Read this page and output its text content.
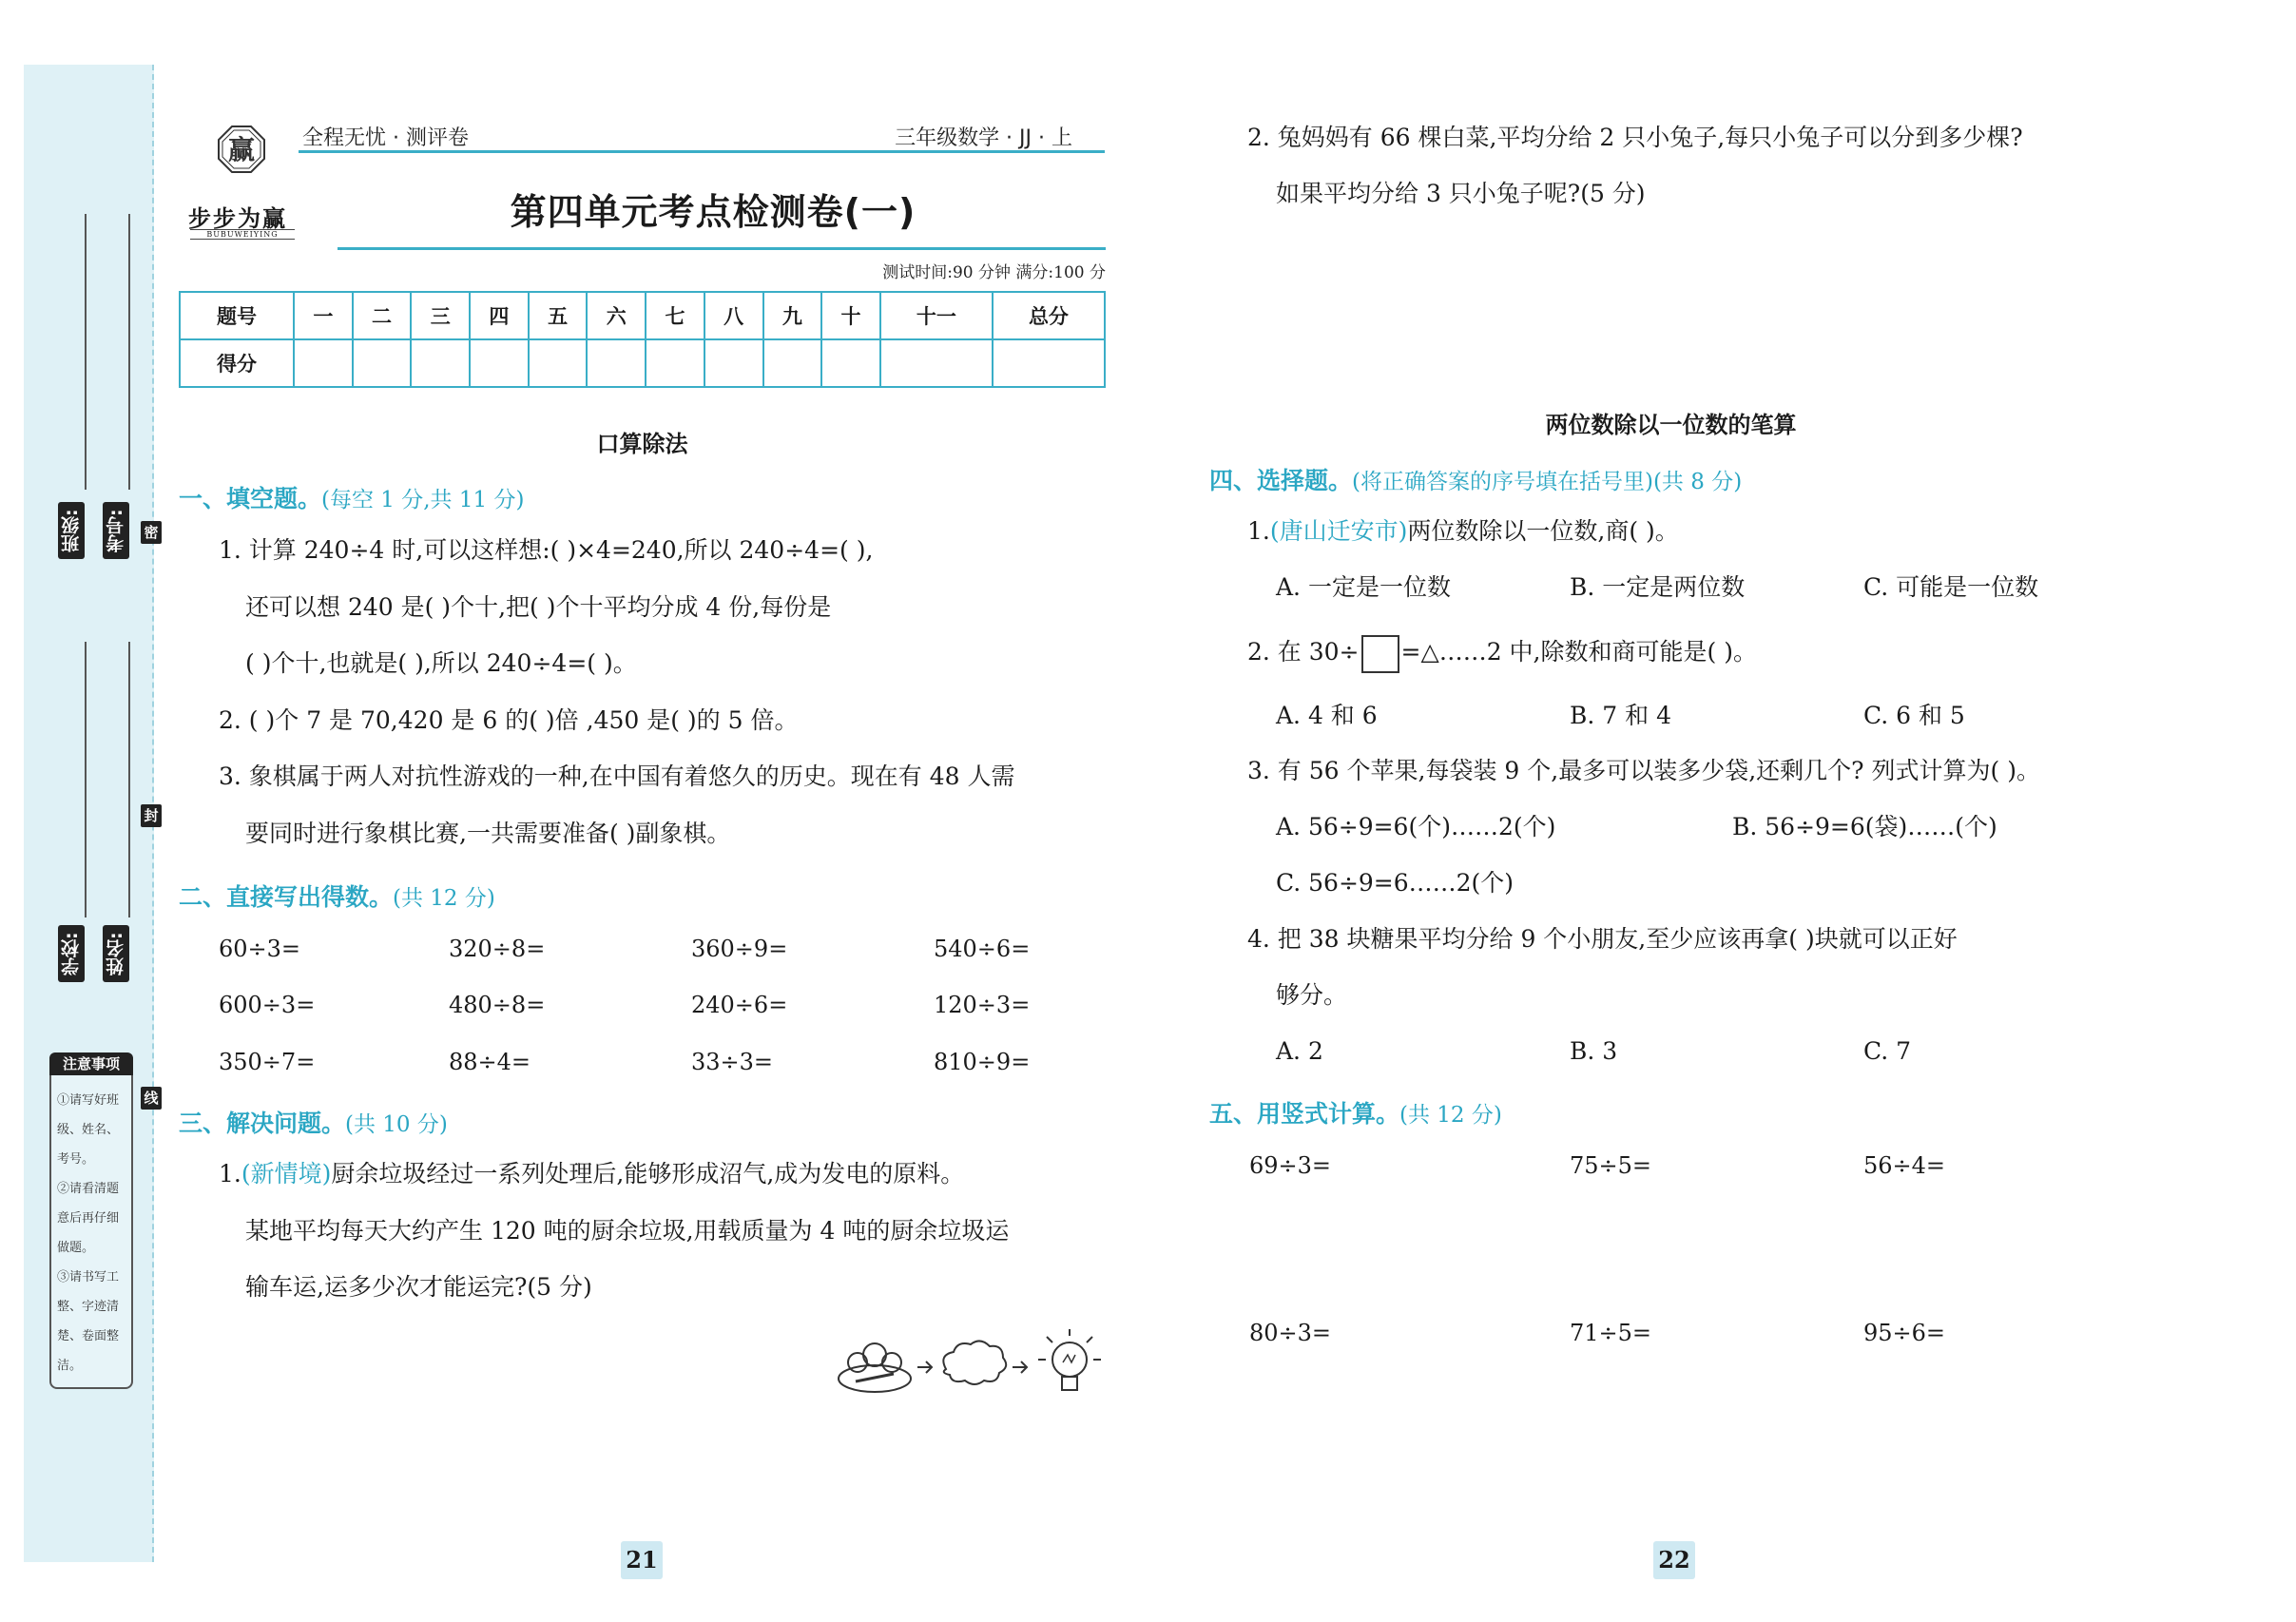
班级: 考号:
学校: 姓名:
密
封
线
注意事项
①请写好班
级、姓名、
考号。
②请看清题
意后再仔细
做题。
③请书写工
整、字迹清
楚、卷面整
洁。
赢
步步为赢
BUBUWEIYING
全程无忧 · 测评卷	三年级数学 · JJ · 上
第四单元考点检测卷(一)
测试时间:90 分钟 满分:100 分
题号	一	二	三	四	五	六	七	八	九	十	十一	总分
得分												
口算除法
一、填空题。(每空 1 分,共 11 分)
1. 计算 240÷4 时,可以这样想:( )×4=240,所以 240÷4=( ),
还可以想 240 是( )个十,把( )个十平均分成 4 份,每份是
( )个十,也就是( ),所以 240÷4=( )。
2. ( )个 7 是 70,420 是 6 的( )倍 ,450 是( )的 5 倍。
3. 象棋属于两人对抗性游戏的一种,在中国有着悠久的历史。现在有 48 人需
要同时进行象棋比赛,一共需要准备( )副象棋。
二、直接写出得数。(共 12 分)
60÷3=	320÷8=	360÷9=	540÷6=
600÷3=	480÷8=	240÷6=	120÷3=
350÷7=	88÷4=	33÷3=	810÷9=
三、解决问题。(共 10 分)
1.(新情境)厨余垃圾经过一系列处理后,能够形成沼气,成为发电的原料。
某地平均每天大约产生 120 吨的厨余垃圾,用载质量为 4 吨的厨余垃圾运
输车运,运多少次才能运完?(5 分)
21
2. 兔妈妈有 66 棵白菜,平均分给 2 只小兔子,每只小兔子可以分到多少棵?
如果平均分给 3 只小兔子呢?(5 分)
两位数除以一位数的笔算
四、选择题。(将正确答案的序号填在括号里)(共 8 分)
1.(唐山迁安市)两位数除以一位数,商( )。
A. 一定是一位数	B. 一定是两位数	C. 可能是一位数
2. 在 30÷ =△……2 中,除数和商可能是( )。
A. 4 和 6	B. 7 和 4	C. 6 和 5
3. 有 56 个苹果,每袋装 9 个,最多可以装多少袋,还剩几个? 列式计算为( )。
A. 56÷9=6(个)……2(个)	B. 56÷9=6(袋)……(个)
C. 56÷9=6……2(个)
4. 把 38 块糖果平均分给 9 个小朋友,至少应该再拿( )块就可以正好
够分。
A. 2	B. 3	C. 7
五、用竖式计算。(共 12 分)
69÷3=	75÷5=	56÷4=
80÷3=	71÷5=	95÷6=
22
